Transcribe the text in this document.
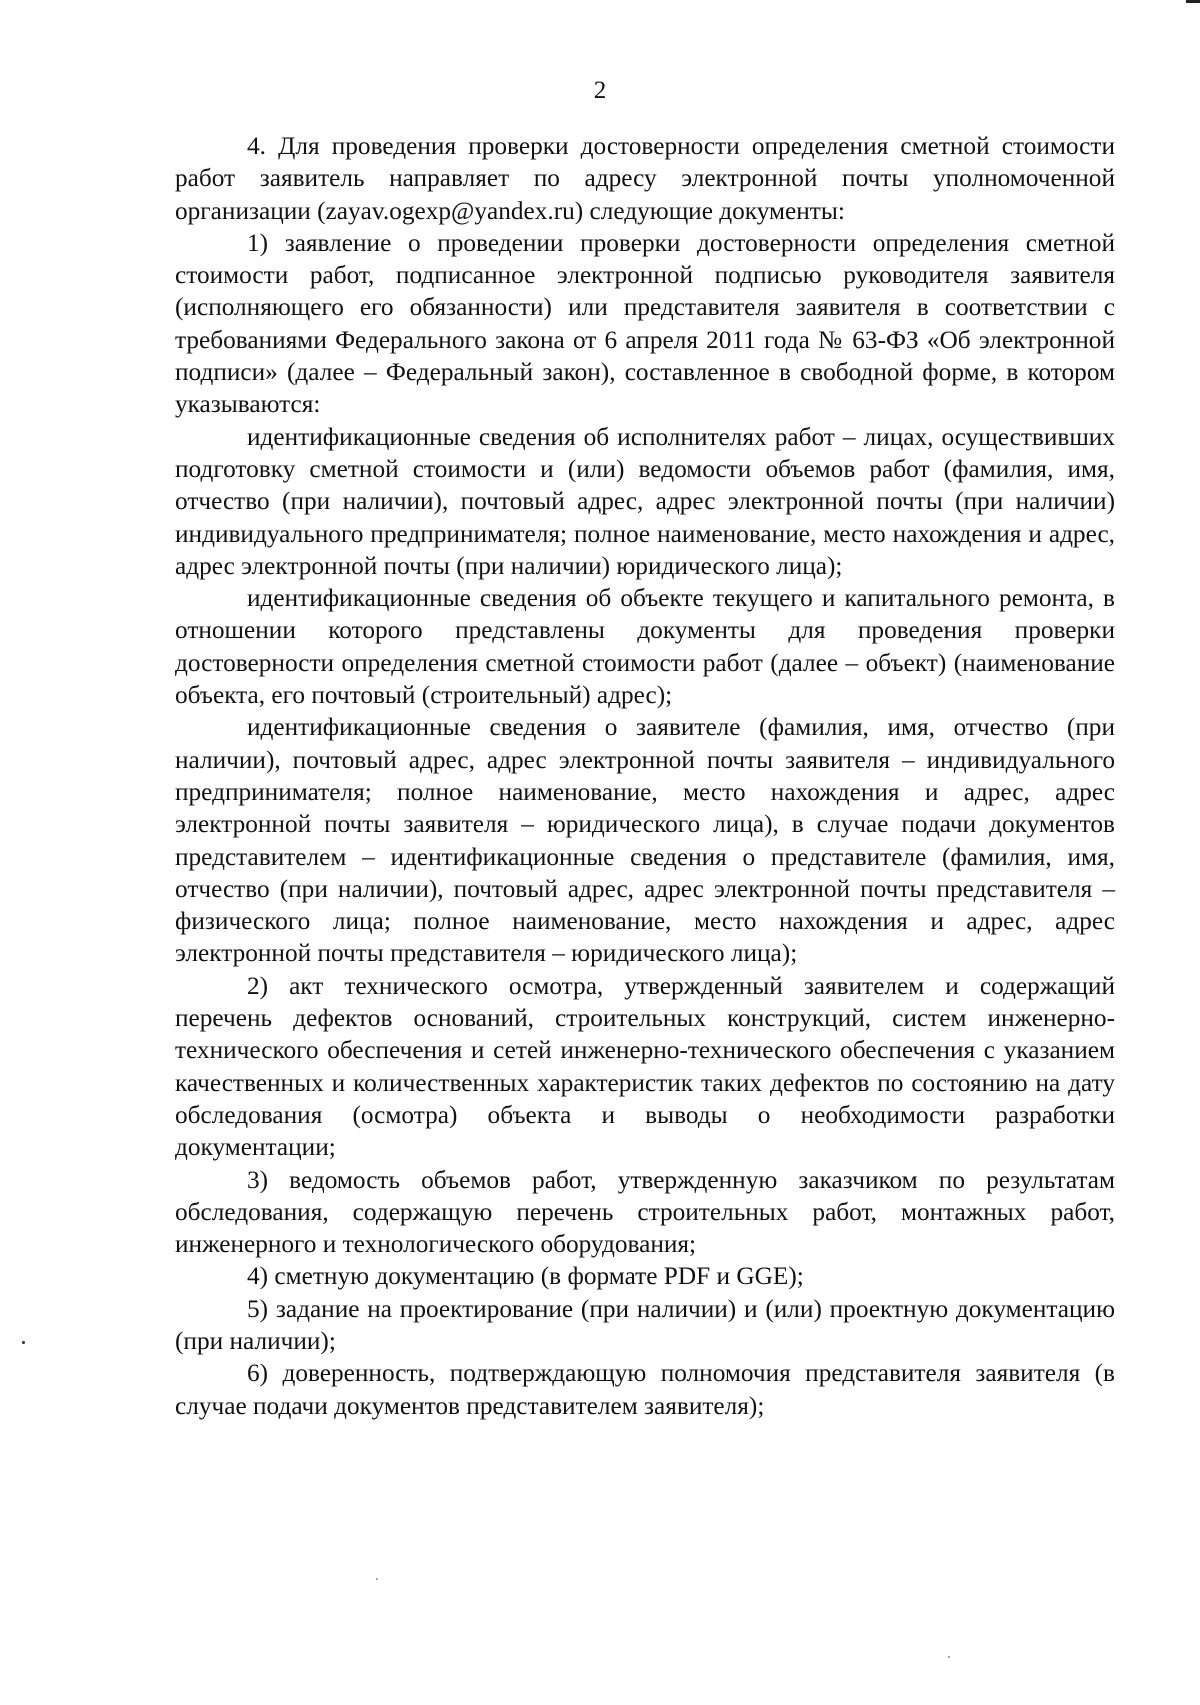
2

4. Для проведения проверки достоверности определения сметной стоимости работ заявитель направляет по адресу электронной почты уполномоченной организации (zayav.ogexp@yandex.ru) следующие документы:

1) заявление о проведении проверки достоверности определения сметной стоимости работ, подписанное электронной подписью руководителя заявителя (исполняющего его обязанности) или представителя заявителя в соответствии с требованиями Федерального закона от 6 апреля 2011 года № 63-ФЗ «Об электронной подписи» (далее – Федеральный закон), составленное в свободной форме, в котором указываются:

идентификационные сведения об исполнителях работ – лицах, осуществивших подготовку сметной стоимости и (или) ведомости объемов работ (фамилия, имя, отчество (при наличии), почтовый адрес, адрес электронной почты (при наличии) индивидуального предпринимателя; полное наименование, место нахождения и адрес, адрес электронной почты (при наличии) юридического лица);

идентификационные сведения об объекте текущего и капитального ремонта, в отношении которого представлены документы для проведения проверки достоверности определения сметной стоимости работ (далее – объект) (наименование объекта, его почтовый (строительный) адрес);

идентификационные сведения о заявителе (фамилия, имя, отчество (при наличии), почтовый адрес, адрес электронной почты заявителя – индивидуального предпринимателя; полное наименование, место нахождения и адрес, адрес электронной почты заявителя – юридического лица), в случае подачи документов представителем – идентификационные сведения о представителе (фамилия, имя, отчество (при наличии), почтовый адрес, адрес электронной почты представителя – физического лица; полное наименование, место нахождения и адрес, адрес электронной почты представителя – юридического лица);

2) акт технического осмотра, утвержденный заявителем и содержащий перечень дефектов оснований, строительных конструкций, систем инженерно-технического обеспечения и сетей инженерно-технического обеспечения с указанием качественных и количественных характеристик таких дефектов по состоянию на дату обследования (осмотра) объекта и выводы о необходимости разработки документации;

3) ведомость объемов работ, утвержденную заказчиком по результатам обследования, содержащую перечень строительных работ, монтажных работ, инженерного и технологического оборудования;

4) сметную документацию (в формате PDF и GGE);

5) задание на проектирование (при наличии) и (или) проектную документацию (при наличии);

6) доверенность, подтверждающую полномочия представителя заявителя (в случае подачи документов представителем заявителя);
